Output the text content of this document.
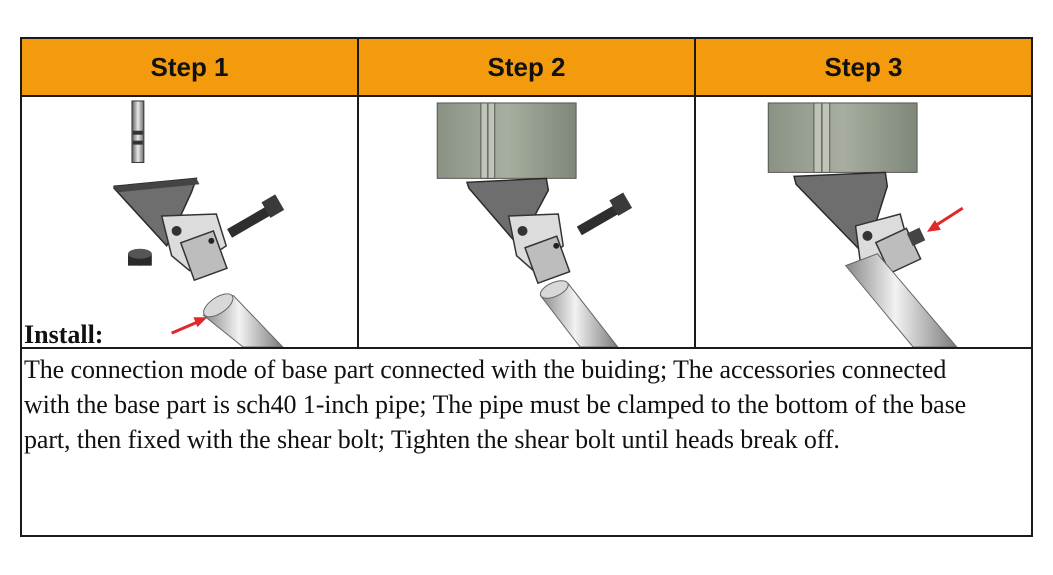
Step 1	Step 2	Step 3
Install:
The connection mode of base part connected with the buiding; The accessories connected with the base part is sch40 1-inch pipe; The pipe must be clamped to the bottom of the base part, then fixed with the shear bolt; Tighten the shear bolt until heads break off.
